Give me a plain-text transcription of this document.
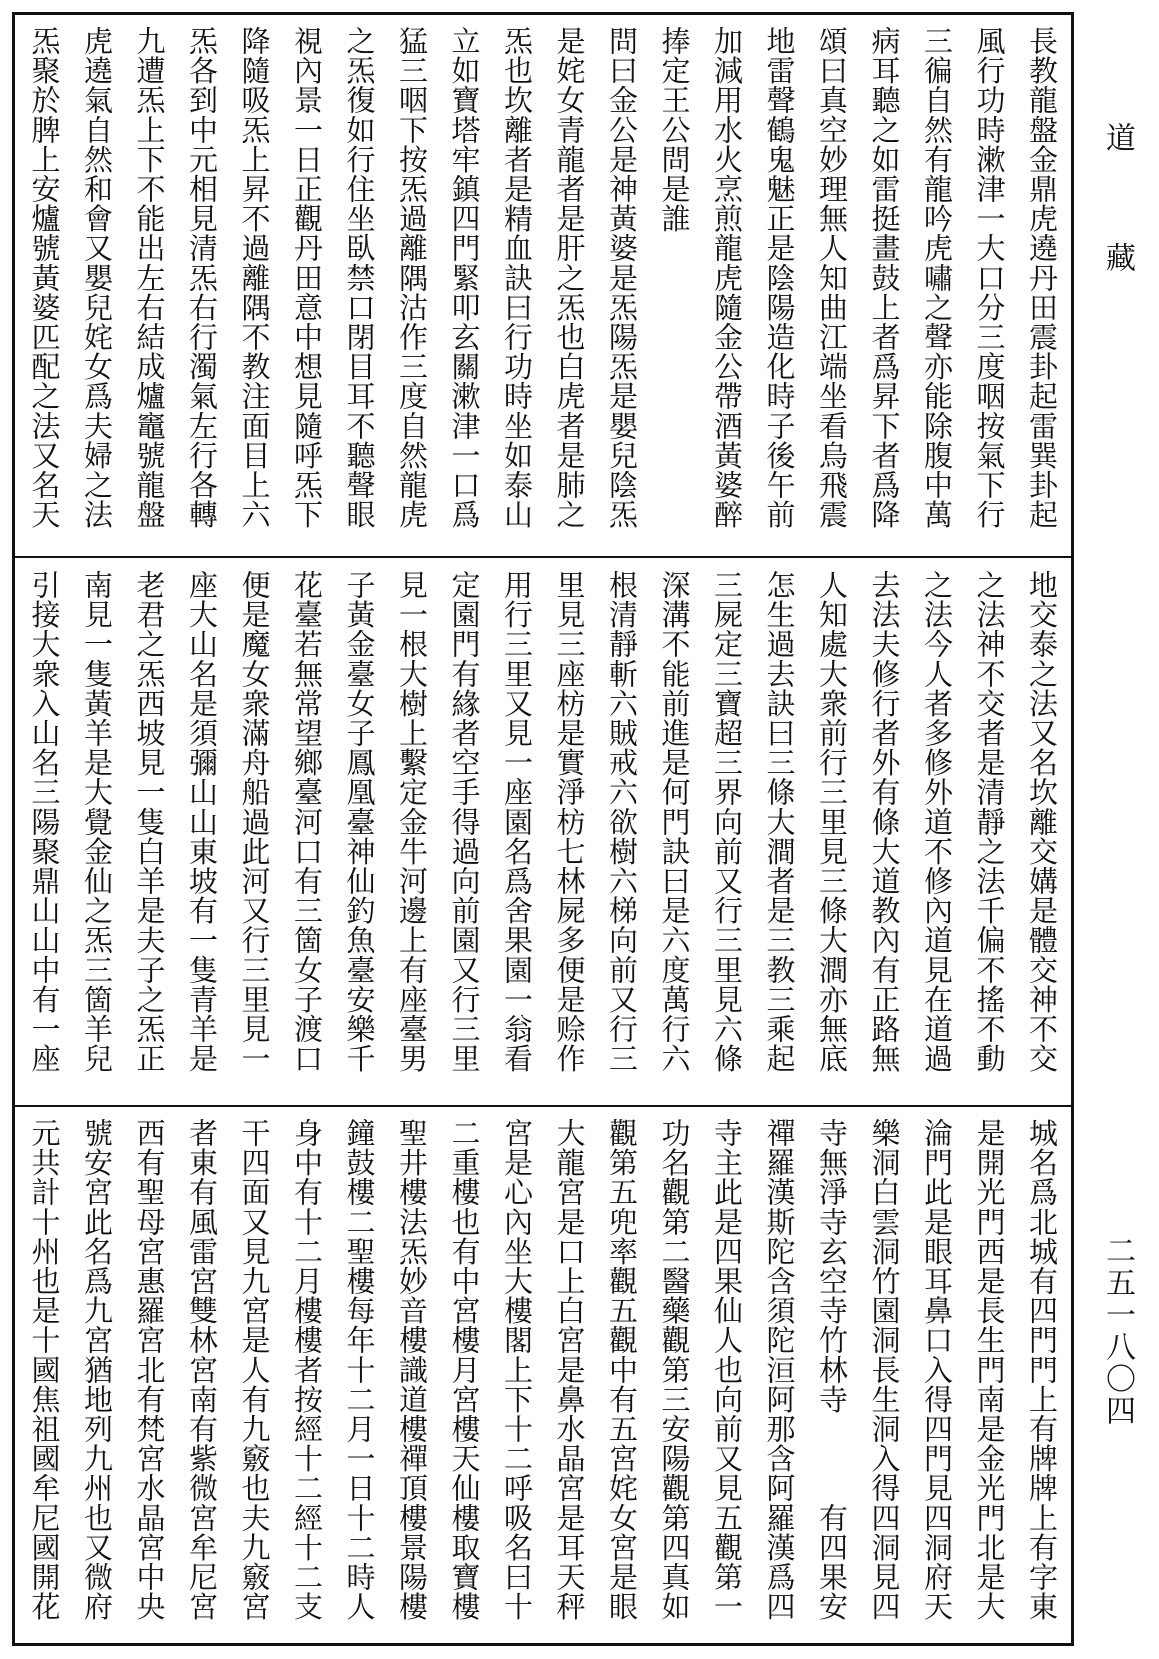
長教龍盤金鼎虎遶丹田震卦起雷巽卦起
風行功時漱津一大口分三度咽按氣下行
三徧自然有龍吟虎嘯之聲亦能除腹中萬
病耳聽之如雷挺畫鼓上者爲昇下者爲降
頌曰真空妙理無人知曲江端坐看烏飛震
地雷聲鶴鬼魅正是陰陽造化時子後午前
加減用水火烹煎龍虎隨金公帶酒黃婆醉
捧定王公問是誰
問曰金公是神黃婆是炁陽炁是嬰兒陰炁
是姹女青龍者是肝之炁也白虎者是肺之
炁也坎離者是精血訣曰行功時坐如泰山
立如寶塔牢鎮四門緊叩玄關漱津一口爲
猛三咽下按炁過離隅沽作三度自然龍虎
之炁復如行住坐臥禁口閉目耳不聽聲眼
視內景一日正觀丹田意中想見隨呼炁下
降隨吸炁上昇不過離隅不教注面目上六
炁各到中元相見清炁右行濁氣左行各轉
九遭炁上下不能出左右結成爐竈號龍盤
虎遶氣自然和會又嬰兒姹女爲夫婦之法
炁聚於脾上安爐號黃婆匹配之法又名天
地交泰之法又名坎離交媾是體交神不交
之法神不交者是清靜之法千偏不搖不動
之法今人者多修外道不修內道見在道過
去法夫修行者外有條大道教內有正路無
人知處大衆前行三里見三條大澗亦無底
怎生過去訣曰三條大澗者是三教三乘起
三屍定三寶超三界向前又行三里見六條
深溝不能前進是何門訣曰是六度萬行六
根清靜斬六賊戒六欲樹六梯向前又行三
里見三座枋是實淨枋七林屍多便是赊作
用行三里又見一座園名爲舍果園一翁看
定園門有緣者空手得過向前園又行三里
見一根大樹上繫定金牛河邊上有座臺男
子黃金臺女子鳳凰臺神仙釣魚臺安樂千
花臺若無常望鄉臺河口有三箇女子渡口
便是魔女衆滿舟船過此河又行三里見一
座大山名是須彌山山東坡有一隻青羊是
老君之炁西坡見一隻白羊是夫子之炁正
南見一隻黃羊是大覺金仙之炁三箇羊兒
引接大衆入山名三陽聚鼎山山中有一座
城名爲北城有四門門上有牌牌上有字東
是開光門西是長生門南是金光門北是大
淪門此是眼耳鼻口入得四門見四洞府天
樂洞白雲洞竹園洞長生洞入得四洞見四
寺無淨寺玄空寺竹林寺　　　有四果安
禪羅漢斯陀含須陀洹阿那含阿羅漢爲四
寺主此是四果仙人也向前又見五觀第一
功名觀第二醫藥觀第三安陽觀第四真如
觀第五兜率觀五觀中有五宮姹女宮是眼
大龍宮是口上白宮是鼻水晶宮是耳天秤
宮是心內坐大樓閣上下十二呼吸名曰十
二重樓也有中宮樓月宮樓天仙樓取寶樓
聖井樓法炁妙音樓識道樓禪頂樓景陽樓
鐘鼓樓二聖樓每年十二月一日十二時人
身中有十二月樓樓者按經十二經十二支
干四面又見九宮是人有九竅也夫九竅宮
者東有風雷宮雙林宮南有紫微宮牟尼宮
西有聖母宮惠羅宮北有梵宮水晶宮中央
號安宮此名爲九宮猶地列九州也又微府
元共計十州也是十國焦祖國牟尼國開花
道
藏
二五一八〇四
